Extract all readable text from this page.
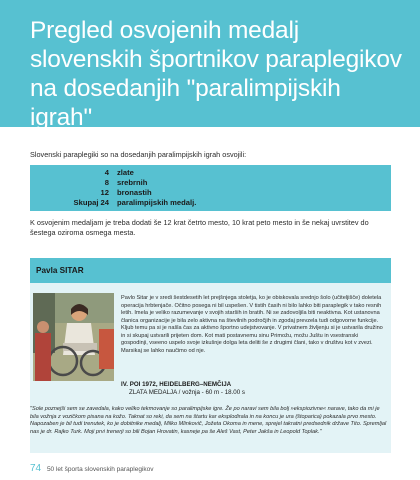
Pregled osvojenih medalj slovenskih športnikov paraplegikov na dosedanjih "paralimpijskih igrah"

Slovenski paraplegiki so na dosedanjih paralimpijskih igrah osvojili:

4 zlate
8 srebrnih
12 bronastih
Skupaj 24 paralimpijskih medalj.

K osvojenim medaljam je treba dodati še 12 krat četrto mesto, 10 krat peto mesto in še nekaj uvrstitev do šestega oziroma osmega mesta.

Pavla SITAR

Pavlo Sitar je v sredi šestdesetih let prejšnjega stoletja, ko je obiskovala srednjo šolo (učiteljišče) doletela operacija hrbtenjače. Očitno posega ni bil uspešen. V tistih časih ni bilo lahko biti paraplegik v tako resnih letih. Imela je veliko razumevanje v svojih starših in bratih. Ni se zadovoljila biti neaktivna. Kot ustanovna članica organizacije je bila zelo aktivna na številnih področjih in zgodaj prevzela tudi odgovorne funkcije. Kljub temu pa si je našla čas za aktivno športno udejstvovanje. V privatnem življenju si je ustvarila družino in si skupaj ustvarili prijeten dom. Kot mati postavnemu sinu Primožu, možu Juštu in vsestranski gospodinji, vseeno uspelo svoje izkušnje dolga leta deliti še z drugimi člani, tako v društvu kot v zvezi. Marsikaj se lahko naučimo od nje.

IV. POI 1972, HEIDELBERG–NEMČIJA
ZLATA MEDALJA / vožnja - 60 m - 18.00 s

"Sole poznejši sem se zavedala, kako veliko tekmovanje so paralimpijske igre. Že po naravi sem bila bolj »ekspiozivne« narave, tako da mi je bila vožnja z vozičkom pisana na kožo. Taknat so reki, da sem na štartu kar eksplodirala in na koncu je ura (štoparica) pokazala prvo mesto. Napozaben je bil tudi trenutek, ko je dobitnike medalj, Milko Mlinkovič, Jožeta Okoma in mene, sprejel takratni predsednik države Tito. Spremljal nas je dr. Rajko Turk. Moji prvi trenerji so bili Bojan Hrovatin, kasneje pa še Aleš Vast, Peter Jakša in Leopold Toplak."

74 50 let športa slovenskih paraplegikov
